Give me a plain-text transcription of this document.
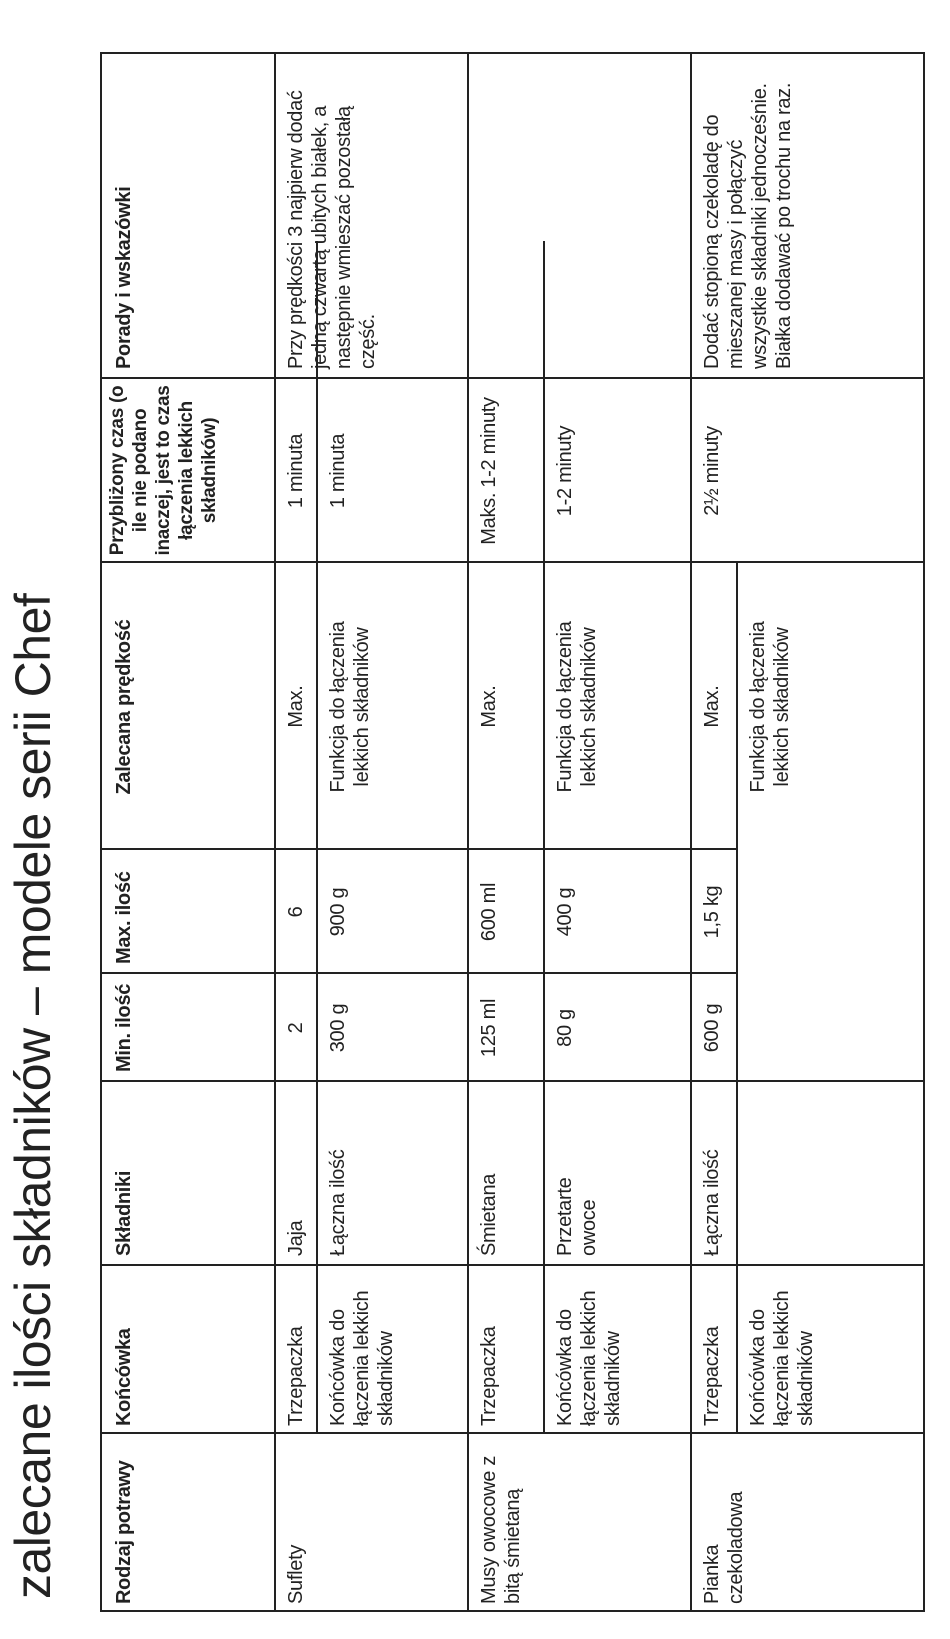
zalecane ilości składników – modele serii Chef	Rodzaj potrawy
Końcówka
Składniki
Min. ilość
Max. ilość
Zalecana prędkość
Przybliżony czas (o ile nie podano inaczej, jest to czas łączenia lekkich składników)
Porady i wskazówki
Suflety
Trzepaczka
Jaja
2
6
Max.
1 minuta
Końcówka do łączenia lekkich składników
Łączna ilość
300 g
900 g
Funkcja do łączenia lekkich składników
1 minuta
Przy prędkości 3 najpierw dodać jedną czwartą ubitych białek, a następnie wmieszać pozostałą część.
Musy owocowe z bitą śmietaną
Trzepaczka
Śmietana
125 ml
600 ml
Max.
Maks. 1-2 minuty
Końcówka do łączenia lekkich składników
Przetarte owoce
80 g
400 g
Funkcja do łączenia lekkich składników
1-2 minuty
Pianka czekoladowa
Trzepaczka
Łączna ilość
600 g
1,5 kg
Max.
2½ minuty
Końcówka do łączenia lekkich składników
Funkcja do łączenia lekkich składników
Dodać stopioną czekoladę do mieszanej masy i połączyć wszystkie składniki jednocześnie. Białka dodawać po trochu na raz.
